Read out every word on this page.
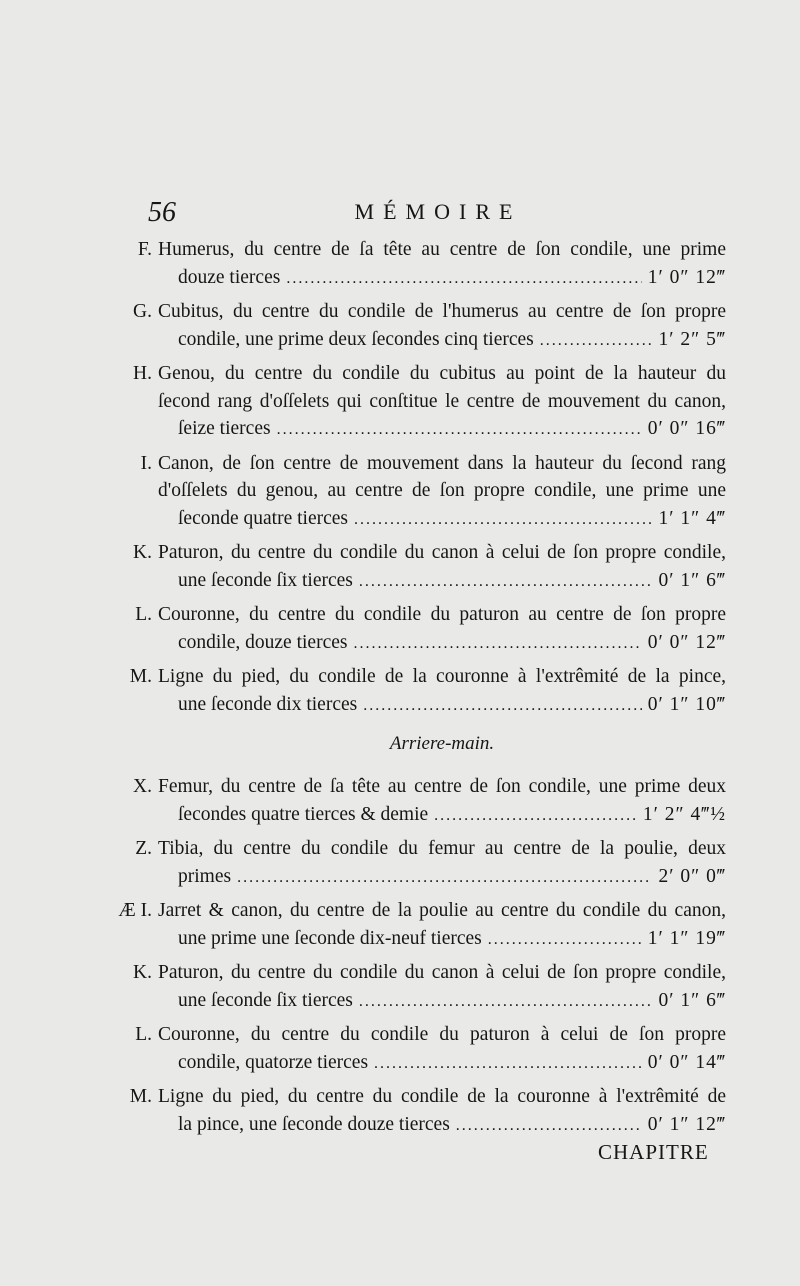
56	MÉMOIRE
F. Humerus, du centre de ſa tête au centre de ſon condile, une prime
douze tierces .....	1′ 0″ 12‴
G. Cubitus, du centre du condile de l'humerus au centre de ſon propre
condile, une prime deux ſecondes cinq tierces .....	1′ 2″ 5‴
H. Genou, du centre du condile du cubitus au point de la hauteur du
ſecond rang d'oſſelets qui conſtitue le centre de mouvement du canon,
ſeize tierces .....	0′ 0″ 16‴
I. Canon, de ſon centre de mouvement dans la hauteur du ſecond rang
d'oſſelets du genou, au centre de ſon propre condile, une prime une
ſeconde quatre tierces .....	1′ 1″ 4‴
K. Paturon, du centre du condile du canon à celui de ſon propre condile,
une ſeconde ſix tierces .....	0′ 1″ 6‴
L. Couronne, du centre du condile du paturon au centre de ſon propre
condile, douze tierces .....	0′ 0″ 12‴
M. Ligne du pied, du condile de la couronne à l'extrêmité de la pince,
une ſeconde dix tierces .....	0′ 1″ 10‴
Arriere-main.
X. Femur, du centre de ſa tête au centre de ſon condile, une prime deux
ſecondes quatre tierces & demie .....	1′ 2″ 4‴½
Z. Tibia, du centre du condile du femur au centre de la poulie, deux
primes .....	2′ 0″ 0‴
Æ I. Jarret & canon, du centre de la poulie au centre du condile du canon,
une prime une ſeconde dix-neuf tierces .....	1′ 1″ 19‴
K. Paturon, du centre du condile du canon à celui de ſon propre condile,
une ſeconde ſix tierces .....	0′ 1″ 6‴
L. Couronne, du centre du condile du paturon à celui de ſon propre
condile, quatorze tierces .....	0′ 0″ 14‴
M. Ligne du pied, du centre du condile de la couronne à l'extrêmité de
la pince, une ſeconde douze tierces .....	0′ 1″ 12‴
CHAPITRE
